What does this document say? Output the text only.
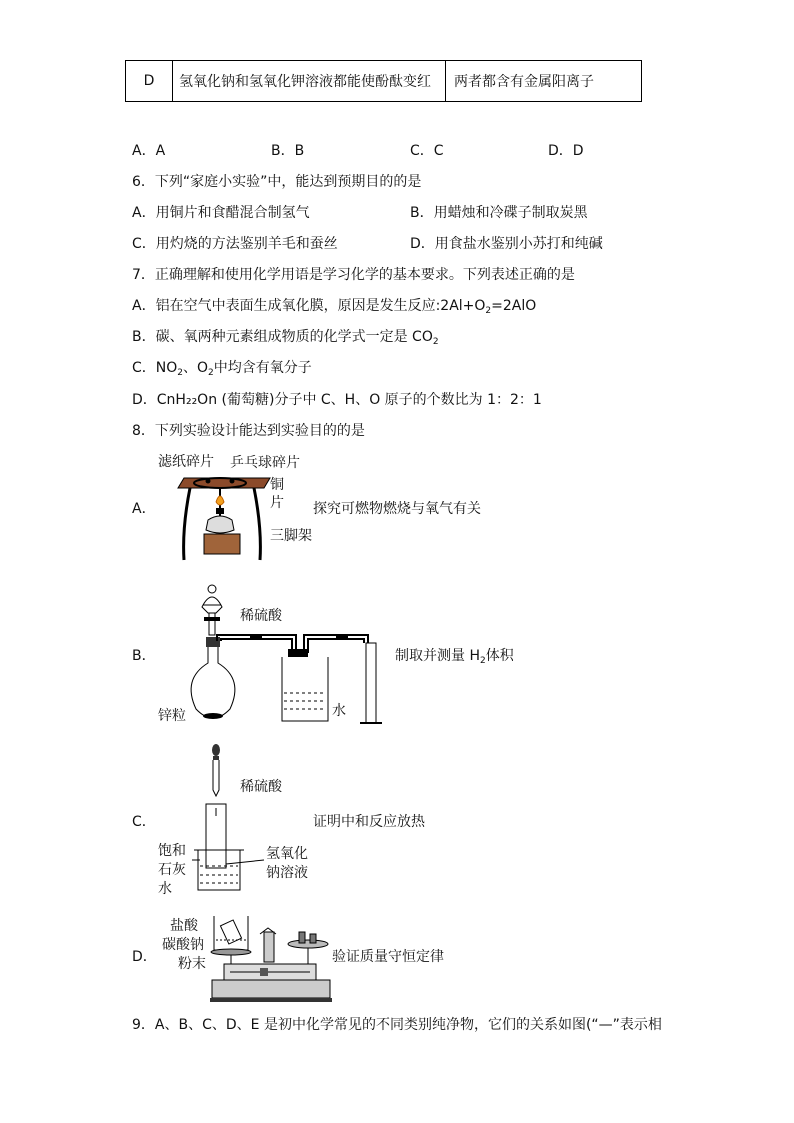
D	氢氧化钠和氢氧化钾溶液都能使酚酞变红	两者都含有金属阳离子
A．A	B．B	C．C	D．D
6．下列“家庭小实验”中，能达到预期目的的是
A．用铜片和食醋混合制氢气	B．用蜡烛和冷碟子制取炭黑
C．用灼烧的方法鉴别羊毛和蚕丝	D．用食盐水鉴别小苏打和纯碱
7．正确理解和使用化学用语是学习化学的基本要求。下列表述正确的是
A．铝在空气中表面生成氧化膜，原因是发生反应$:2Al+O_2=2AlO$
B．碳、氧两种元素组成物质的化学式一定是 $CO_2$
C．$NO_2$、$O_2$中均含有氧分子
D．CnH₂₂On (葡萄糖)分子中 C、H、O 原子的个数比为 1：2：1
8．下列实验设计能达到实验目的的是
A．
滤纸碎片 乒乓球碎片
铜
片
三脚架
探究可燃物燃烧与氧气有关
B．
稀硫酸
锌粒	水
制取并测量 $H_2$体积
C．
稀硫酸
饱和
石灰
水
氢氧化
钠溶液
证明中和反应放热
D．
盐酸
碳酸钠
粉末	验证质量守恒定律
9．A、B、C、D、E 是初中化学常见的不同类别纯净物，它们的关系如图(“—”表示相
